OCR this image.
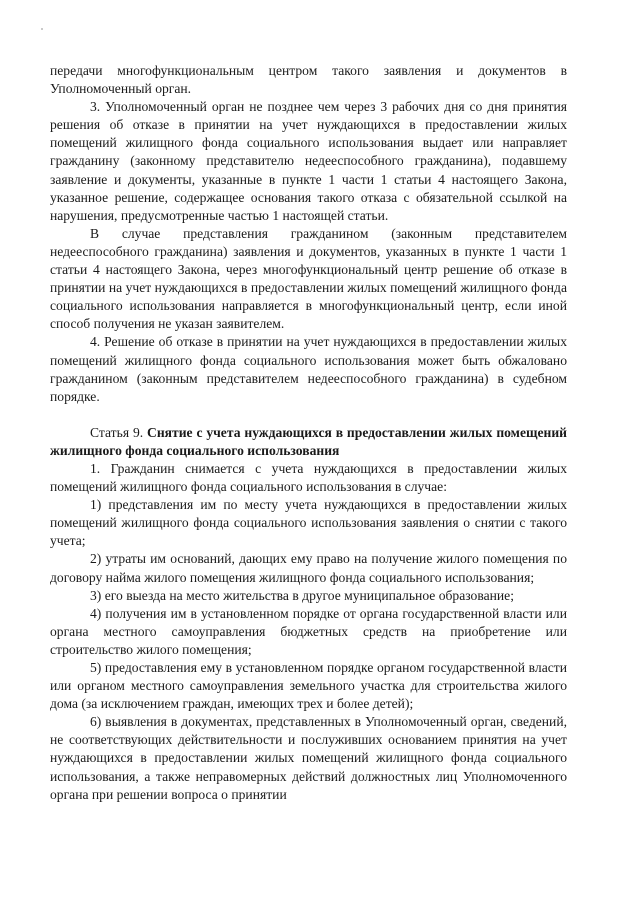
передачи многофункциональным центром такого заявления и документов в Уполномоченный орган.

3. Уполномоченный орган не позднее чем через 3 рабочих дня со дня принятия решения об отказе в принятии на учет нуждающихся в предоставлении жилых помещений жилищного фонда социального использования выдает или направляет гражданину (законному представителю недееспособного гражданина), подавшему заявление и документы, указанные в пункте 1 части 1 статьи 4 настоящего Закона, указанное решение, содержащее основания такого отказа с обязательной ссылкой на нарушения, предусмотренные частью 1 настоящей статьи.

В случае представления гражданином (законным представителем недееспособного гражданина) заявления и документов, указанных в пункте 1 части 1 статьи 4 настоящего Закона, через многофункциональный центр решение об отказе в принятии на учет нуждающихся в предоставлении жилых помещений жилищного фонда социального использования направляется в многофункциональный центр, если иной способ получения не указан заявителем.

4. Решение об отказе в принятии на учет нуждающихся в предоставлении жилых помещений жилищного фонда социального использования может быть обжаловано гражданином (законным представителем недееспособного гражданина) в судебном порядке.

Статья 9. Снятие с учета нуждающихся в предоставлении жилых помещений жилищного фонда социального использования

1. Гражданин снимается с учета нуждающихся в предоставлении жилых помещений жилищного фонда социального использования в случае:

1) представления им по месту учета нуждающихся в предоставлении жилых помещений жилищного фонда социального использования заявления о снятии с такого учета;

2) утраты им оснований, дающих ему право на получение жилого помещения по договору найма жилого помещения жилищного фонда социального использования;

3) его выезда на место жительства в другое муниципальное образование;

4) получения им в установленном порядке от органа государственной власти или органа местного самоуправления бюджетных средств на приобретение или строительство жилого помещения;

5) предоставления ему в установленном порядке органом государственной власти или органом местного самоуправления земельного участка для строительства жилого дома (за исключением граждан, имеющих трех и более детей);

6) выявления в документах, представленных в Уполномоченный орган, сведений, не соответствующих действительности и послуживших основанием принятия на учет нуждающихся в предоставлении жилых помещений жилищного фонда социального использования, а также неправомерных действий должностных лиц Уполномоченного органа при решении вопроса о принятии
